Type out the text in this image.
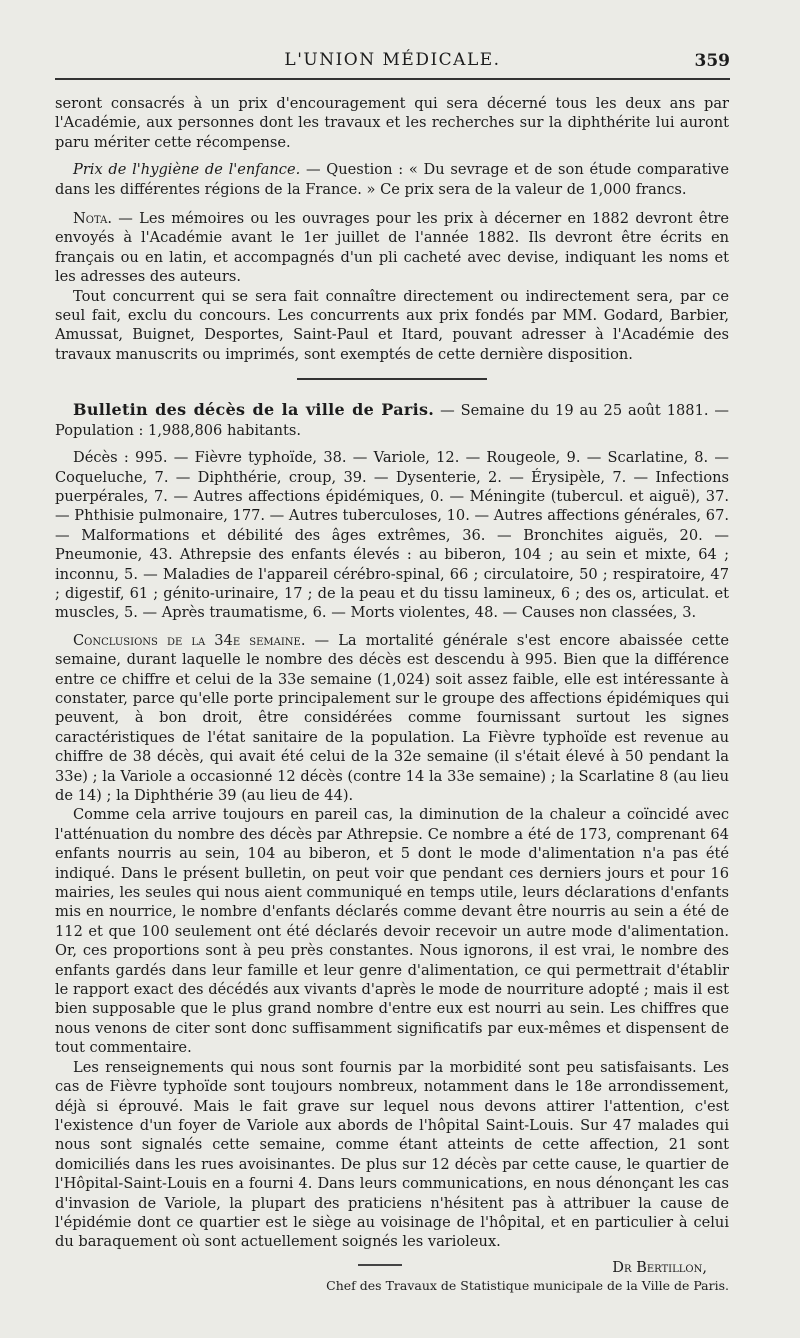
L'UNION MÉDICALE.	359

seront consacrés à un prix d'encouragement qui sera décerné tous les deux ans par l'Académie, aux personnes dont les travaux et les recherches sur la diphthérite lui auront paru mériter cette récompense.

Prix de l'hygiène de l'enfance. — Question : « Du sevrage et de son étude comparative dans les différentes régions de la France. » Ce prix sera de la valeur de 1,000 francs.

Nota. — Les mémoires ou les ouvrages pour les prix à décerner en 1882 devront être envoyés à l'Académie avant le 1er juillet de l'année 1882. Ils devront être écrits en français ou en latin, et accompagnés d'un pli cacheté avec devise, indiquant les noms et les adresses des auteurs.

Tout concurrent qui se sera fait connaître directement ou indirectement sera, par ce seul fait, exclu du concours. Les concurrents aux prix fondés par MM. Godard, Barbier, Amussat, Buignet, Desportes, Saint-Paul et Itard, pouvant adresser à l'Académie des travaux manuscrits ou imprimés, sont exemptés de cette dernière disposition.

Bulletin des décès de la ville de Paris. — Semaine du 19 au 25 août 1881. — Population : 1,988,806 habitants.

Décès : 995. — Fièvre typhoïde, 38. — Variole, 12. — Rougeole, 9. — Scarlatine, 8. — Coqueluche, 7. — Diphthérie, croup, 39. — Dysenterie, 2. — Érysipèle, 7. — Infections puerpérales, 7. — Autres affections épidémiques, 0. — Méningite (tubercul. et aiguë), 37. — Phthisie pulmonaire, 177. — Autres tuberculoses, 10. — Autres affections générales, 67. — Malformations et débilité des âges extrêmes, 36. — Bronchites aiguës, 20. — Pneumonie, 43. Athrepsie des enfants élevés : au biberon, 104 ; au sein et mixte, 64 ; inconnu, 5. — Maladies de l'appareil cérébro-spinal, 66 ; circulatoire, 50 ; respiratoire, 47 ; digestif, 61 ; génito-urinaire, 17 ; de la peau et du tissu lamineux, 6 ; des os, articulat. et muscles, 5. — Après traumatisme, 6. — Morts violentes, 48. — Causes non classées, 3.

Conclusions de la 34e semaine. — La mortalité générale s'est encore abaissée cette semaine, durant laquelle le nombre des décès est descendu à 995. Bien que la différence entre ce chiffre et celui de la 33e semaine (1,024) soit assez faible, elle est intéressante à constater, parce qu'elle porte principalement sur le groupe des affections épidémiques qui peuvent, à bon droit, être considérées comme fournissant surtout les signes caractéristiques de l'état sanitaire de la population. La Fièvre typhoïde est revenue au chiffre de 38 décès, qui avait été celui de la 32e semaine (il s'était élevé à 50 pendant la 33e) ; la Variole a occasionné 12 décès (contre 14 la 33e semaine) ; la Scarlatine 8 (au lieu de 14) ; la Diphthérie 39 (au lieu de 44).

Comme cela arrive toujours en pareil cas, la diminution de la chaleur a coïncidé avec l'atténuation du nombre des décès par Athrepsie. Ce nombre a été de 173, comprenant 64 enfants nourris au sein, 104 au biberon, et 5 dont le mode d'alimentation n'a pas été indiqué. Dans le présent bulletin, on peut voir que pendant ces derniers jours et pour 16 mairies, les seules qui nous aient communiqué en temps utile, leurs déclarations d'enfants mis en nourrice, le nombre d'enfants déclarés comme devant être nourris au sein a été de 112 et que 100 seulement ont été déclarés devoir recevoir un autre mode d'alimentation. Or, ces proportions sont à peu près constantes. Nous ignorons, il est vrai, le nombre des enfants gardés dans leur famille et leur genre d'alimentation, ce qui permettrait d'établir le rapport exact des décédés aux vivants d'après le mode de nourriture adopté ; mais il est bien supposable que le plus grand nombre d'entre eux est nourri au sein. Les chiffres que nous venons de citer sont donc suffisamment significatifs par eux-mêmes et dispensent de tout commentaire.

Les renseignements qui nous sont fournis par la morbidité sont peu satisfaisants. Les cas de Fièvre typhoïde sont toujours nombreux, notamment dans le 18e arrondissement, déjà si éprouvé. Mais le fait grave sur lequel nous devons attirer l'attention, c'est l'existence d'un foyer de Variole aux abords de l'hôpital Saint-Louis. Sur 47 malades qui nous sont signalés cette semaine, comme étant atteints de cette affection, 21 sont domiciliés dans les rues avoisinantes. De plus sur 12 décès par cette cause, le quartier de l'Hôpital-Saint-Louis en a fourni 4. Dans leurs communications, en nous dénonçant les cas d'invasion de Variole, la plupart des praticiens n'hésitent pas à attribuer la cause de l'épidémie dont ce quartier est le siège au voisinage de l'hôpital, et en particulier à celui du baraquement où sont actuellement soignés les varioleux.

Dr Bertillon,
Chef des Travaux de Statistique municipale de la Ville de Paris.
